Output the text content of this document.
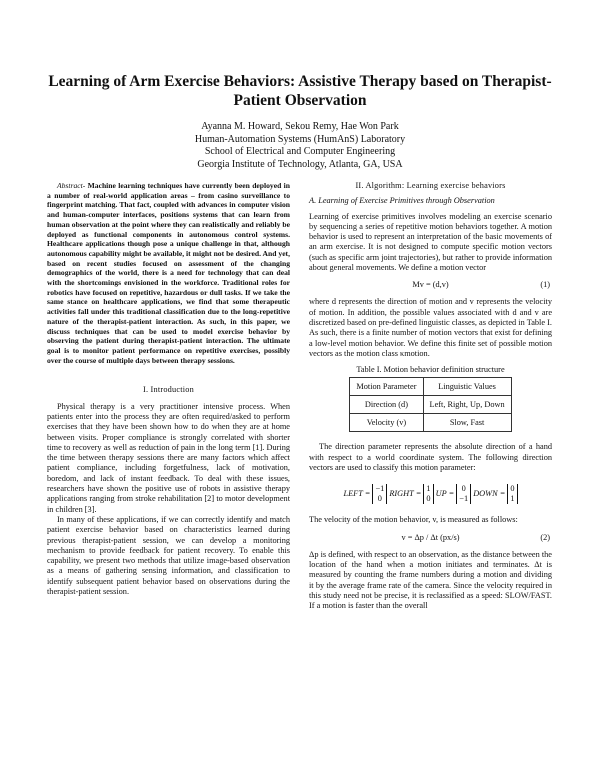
Learning of Arm Exercise Behaviors: Assistive Therapy based on Therapist-Patient Observation
Ayanna M. Howard, Sekou Remy, Hae Won Park
Human-Automation Systems (HumAnS) Laboratory
School of Electrical and Computer Engineering
Georgia Institute of Technology, Atlanta, GA, USA

Abstract- Machine learning techniques have currently been deployed in a number of real-world application areas – from casino surveillance to fingerprint matching. That fact, coupled with advances in computer vision and human-computer interfaces, positions systems that can learn from human observation at the point where they can realistically and reliably be deployed as functional components in autonomous control systems. Healthcare applications though pose a unique challenge in that, although autonomous capability might be available, it might not be desired. And yet, based on recent studies focused on assessment of the changing demographics of the world, there is a need for technology that can deal with the shortcomings envisioned in the workforce. Traditional roles for robotics have focused on repetitive, hazardous or dull tasks. If we take the same stance on healthcare applications, we find that some therapeutic activities fall under this traditional classification due to the long-repetitive nature of the therapist-patient interaction. As such, in this paper, we discuss techniques that can be used to model exercise behavior by observing the patient during therapist-patient interaction. The ultimate goal is to monitor patient performance on repetitive exercises, possibly over the course of multiple days between therapy sessions.

I. Introduction

Physical therapy is a very practitioner intensive process. When patients enter into the process they are often required/asked to perform exercises that they have been shown how to do when they are at home between visits. Proper compliance is strongly correlated with shorter time to recovery as well as reduction of pain in the long term [1]. During the time between therapy sessions there are many factors which affect patient compliance, including forgetfulness, lack of motivation, boredom, and lack of instant feedback. To deal with these issues, researchers have shown the positive use of robots in assistive therapy applications ranging from stroke rehabilitation [2] to motor development in children [3].

In many of these applications, if we can correctly identify and match patient exercise behavior based on characteristics learned during previous therapist-patient session, we can develop a monitoring mechanism to provide feedback for patient recovery. To enable this capability, we present two methods that utilize image-based observation as a means of gathering sensing information, and classification to identify subsequent patient behavior based on observations during the therapist-patient session.

II. Algorithm: Learning exercise behaviors

A. Learning of Exercise Primitives through Observation

Learning of exercise primitives involves modeling an exercise scenario by sequencing a series of repetitive motion behaviors together. A motion behavior is used to represent an interpretation of the basic movements of an arm exercise. It is not designed to compute specific motion vectors (such as specific arm joint trajectories), but rather to provide information about general movements. We define a motion vector

Mv = (d,v)	(1)

where d represents the direction of motion and v represents the velocity of motion. In addition, the possible values associated with d and v are discretized based on pre-defined linguistic classes, as depicted in Table I. As such, there is a finite number of motion vectors that exist for defining a low-level motion behavior. We define this finite set of possible motion vectors as the motion class κmotion.

Table I. Motion behavior definition structure
Motion Parameter	Linguistic Values
Direction (d)	Left, Right, Up, Down
Velocity (v)	Slow, Fast

The direction parameter represents the absolute direction of a hand with respect to a world coordinate system. The following direction vectors are used to classify this motion parameter:

LEFT = −1
0 RIGHT = 1
0 UP = 0
−1 DOWN = 0
1

The velocity of the motion behavior, v, is measured as follows:

v = Δp / Δt (px/s)	(2)

Δp is defined, with respect to an observation, as the distance between the location of the hand when a motion initiates and terminates. Δt is measured by counting the frame numbers during a motion and dividing it by the average frame rate of the camera. Since the velocity required in this study need not be precise, it is reclassified as a speed: SLOW/FAST. If a motion is faster than the overall
